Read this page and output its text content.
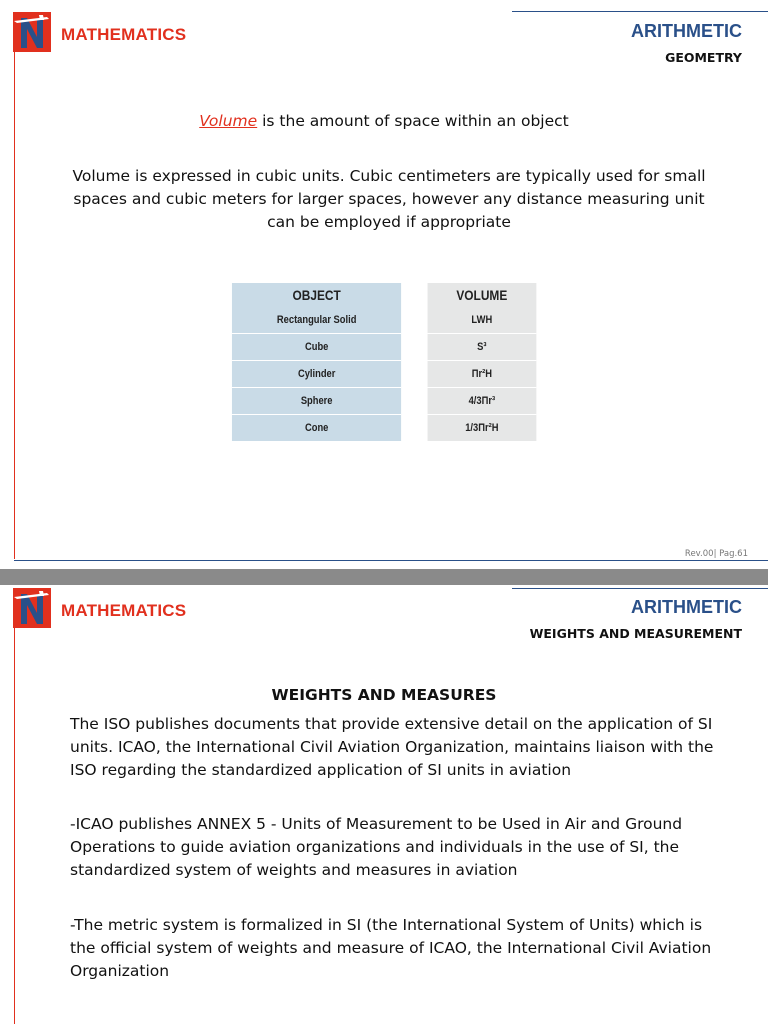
MATHEMATICS	ARITHMETIC
GEOMETRY
Volume is the amount of space within an object
Volume is expressed in cubic units. Cubic centimeters are typically used for small spaces and cubic meters for larger spaces, however any distance measuring unit can be employed if appropriate
OBJECT	VOLUME
Rectangular Solid	LWH
Cube	S³
Cylinder	Πr²H
Sphere	4/3Πr³
Cone	1/3Πr²H
Rev.00| Pag.61
MATHEMATICS	ARITHMETIC
WEIGHTS AND MEASUREMENT
WEIGHTS AND MEASURES
The ISO publishes documents that provide extensive detail on the application of SI units. ICAO, the International Civil Aviation Organization, maintains liaison with the ISO regarding the standardized application of SI units in aviation
-ICAO publishes ANNEX 5 - Units of Measurement to be Used in Air and Ground Operations to guide aviation organizations and individuals in the use of SI, the standardized system of weights and measures in aviation
-The metric system is formalized in SI (the International System of Units) which is the official system of weights and measure of ICAO, the International Civil Aviation Organization
